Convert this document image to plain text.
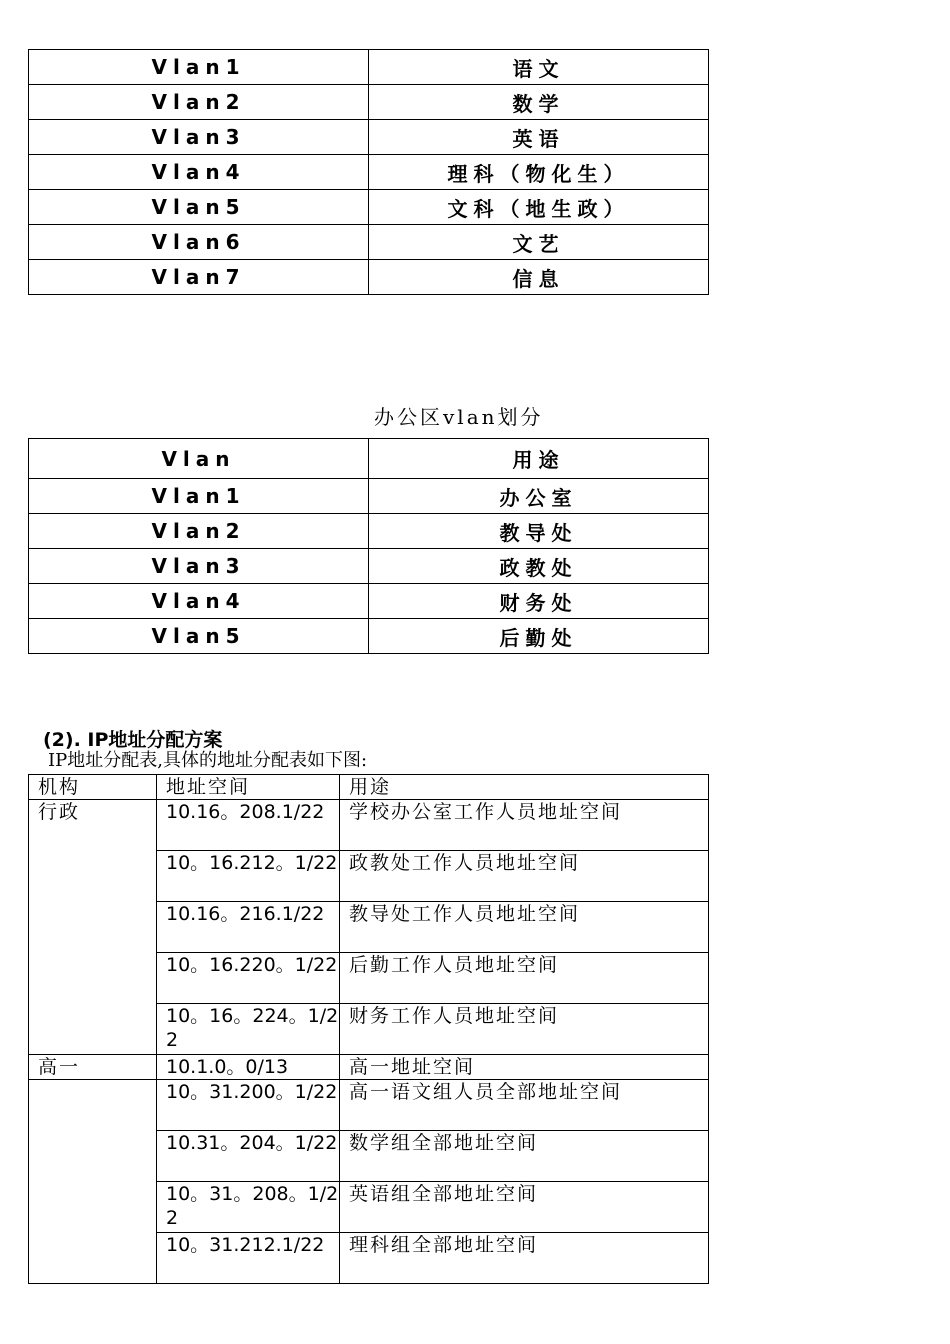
Vlan1	语文
Vlan2	数学
Vlan3	英语
Vlan4	理科（物化生）
Vlan5	文科（地生政）
Vlan6	文艺
Vlan7	信息
办公区vlan划分
Vlan	用途
Vlan1	办公室
Vlan2	教导处
Vlan3	政教处
Vlan4	财务处
Vlan5	后勤处
(2). IP地址分配方案
IP地址分配表,具体的地址分配表如下图:
机构	地址空间	用途
行政	10.16。208.1/22	学校办公室工作人员地址空间
	10。16.212。1/22	政教处工作人员地址空间
	10.16。216.1/22	教导处工作人员地址空间
	10。16.220。1/22	后勤工作人员地址空间
	10。16。224。1/22	财务工作人员地址空间
高一	10.1.0。0/13	高一地址空间
	10。31.200。1/22	高一语文组人员全部地址空间
	10.31。204。1/22	数学组全部地址空间
	10。31。208。1/22	英语组全部地址空间
	10。31.212.1/22	理科组全部地址空间
